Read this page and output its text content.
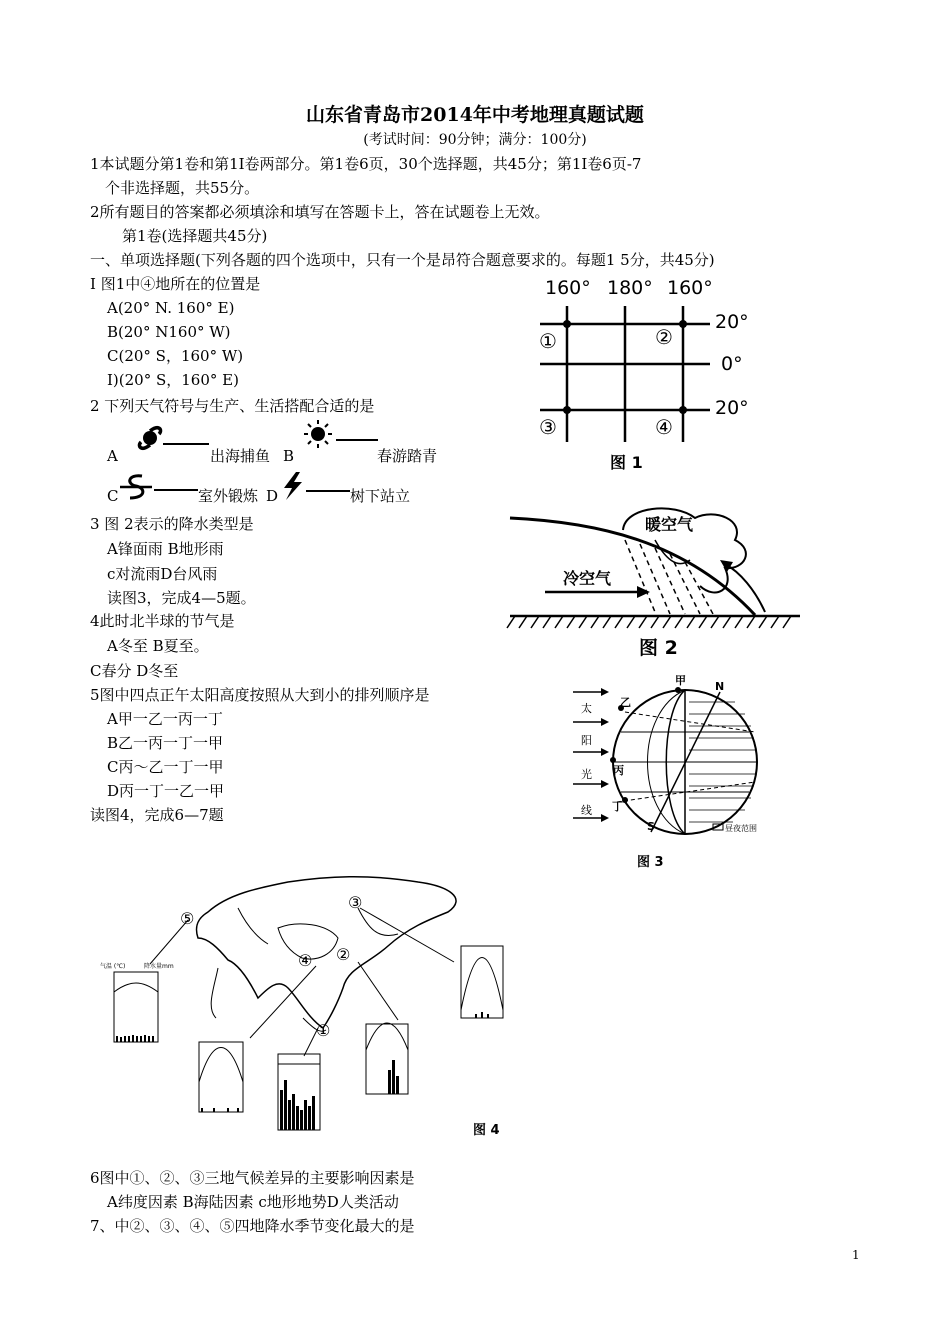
山东省青岛市2014年中考地理真题试题
(考试时间：90分钟；满分：100分)
1本试题分第1卷和第1I卷两部分。第1卷6页，30个选择题，共45分；第1I卷6页-7
个非选择题，共55分。
2所有题目的答案都必须填涂和填写在答题卡上，答在试题卷上无效。
第1卷(选择题共45分)
一、单项选择题(下列各题的四个选项中，只有一个是昂符合题意要求的。每题1 5分，共45分)
I 图1中④地所在的位置是
A(20° N. 160° E)
B(20° N160° W)
C(20° S，160° W)
I)(20° S，160° E)
2 下列天气符号与生产、生活搭配合适的是
A	出海捕鱼 B	春游踏青
C	室外锻炼 D	树下站立
3 图 2表示的降水类型是
A锋面雨 B地形雨
c对流雨D台风雨
读图3，完成4—5题。
4此时北半球的节气是
A冬至 B夏至。
C春分 D冬至
5图中四点正午太阳高度按照从大到小的排列顺序是
A甲一乙一丙一丁
B乙一丙一丁一甲
C丙～乙一丁一甲
D丙一丁一乙一甲
读图4，完成6—7题
160° 180° 160°
20°
0°
20°
①	②
③	④
图 1
暖空气
冷空气
图 2
甲	N
乙
丙
丁
S
太
阳
光
线
昼夜范围
图 3
⑤
④ ②
③
①
图 4
气温 (℃)	降水量mm
6图中①、②、③三地气候差异的主要影响因素是
A纬度因素 B海陆因素 c地形地势D人类活动
7、中②、③、④、⑤四地降水季节变化最大的是
1
